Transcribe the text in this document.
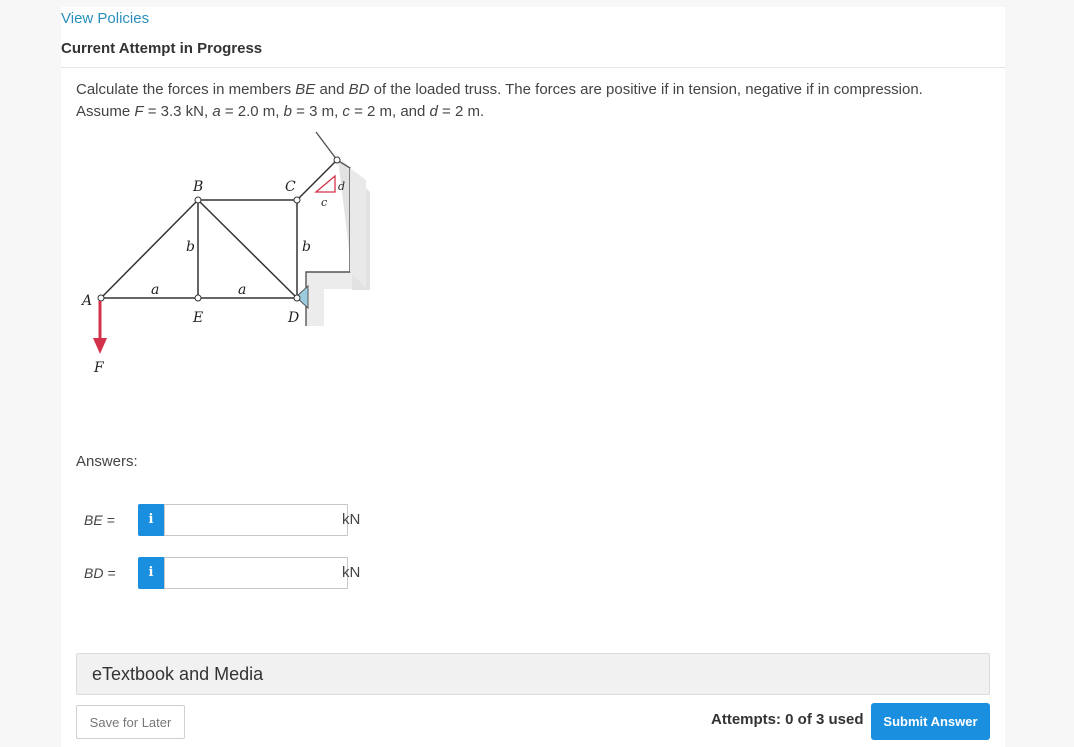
View Policies
Current Attempt in Progress
Calculate the forces in members BE and BD of the loaded truss. The forces are positive if in tension, negative if in compression.
Assume F = 3.3 kN, a = 2.0 m, b = 3 m, c = 2 m, and d = 2 m.
A
B	C
E	D
F
a	a
b	b
c
d
Answers:
BE =	i	kN
BD =	i	kN
eTextbook and Media
Save for Later	Attempts: 0 of 3 used	Submit Answer
